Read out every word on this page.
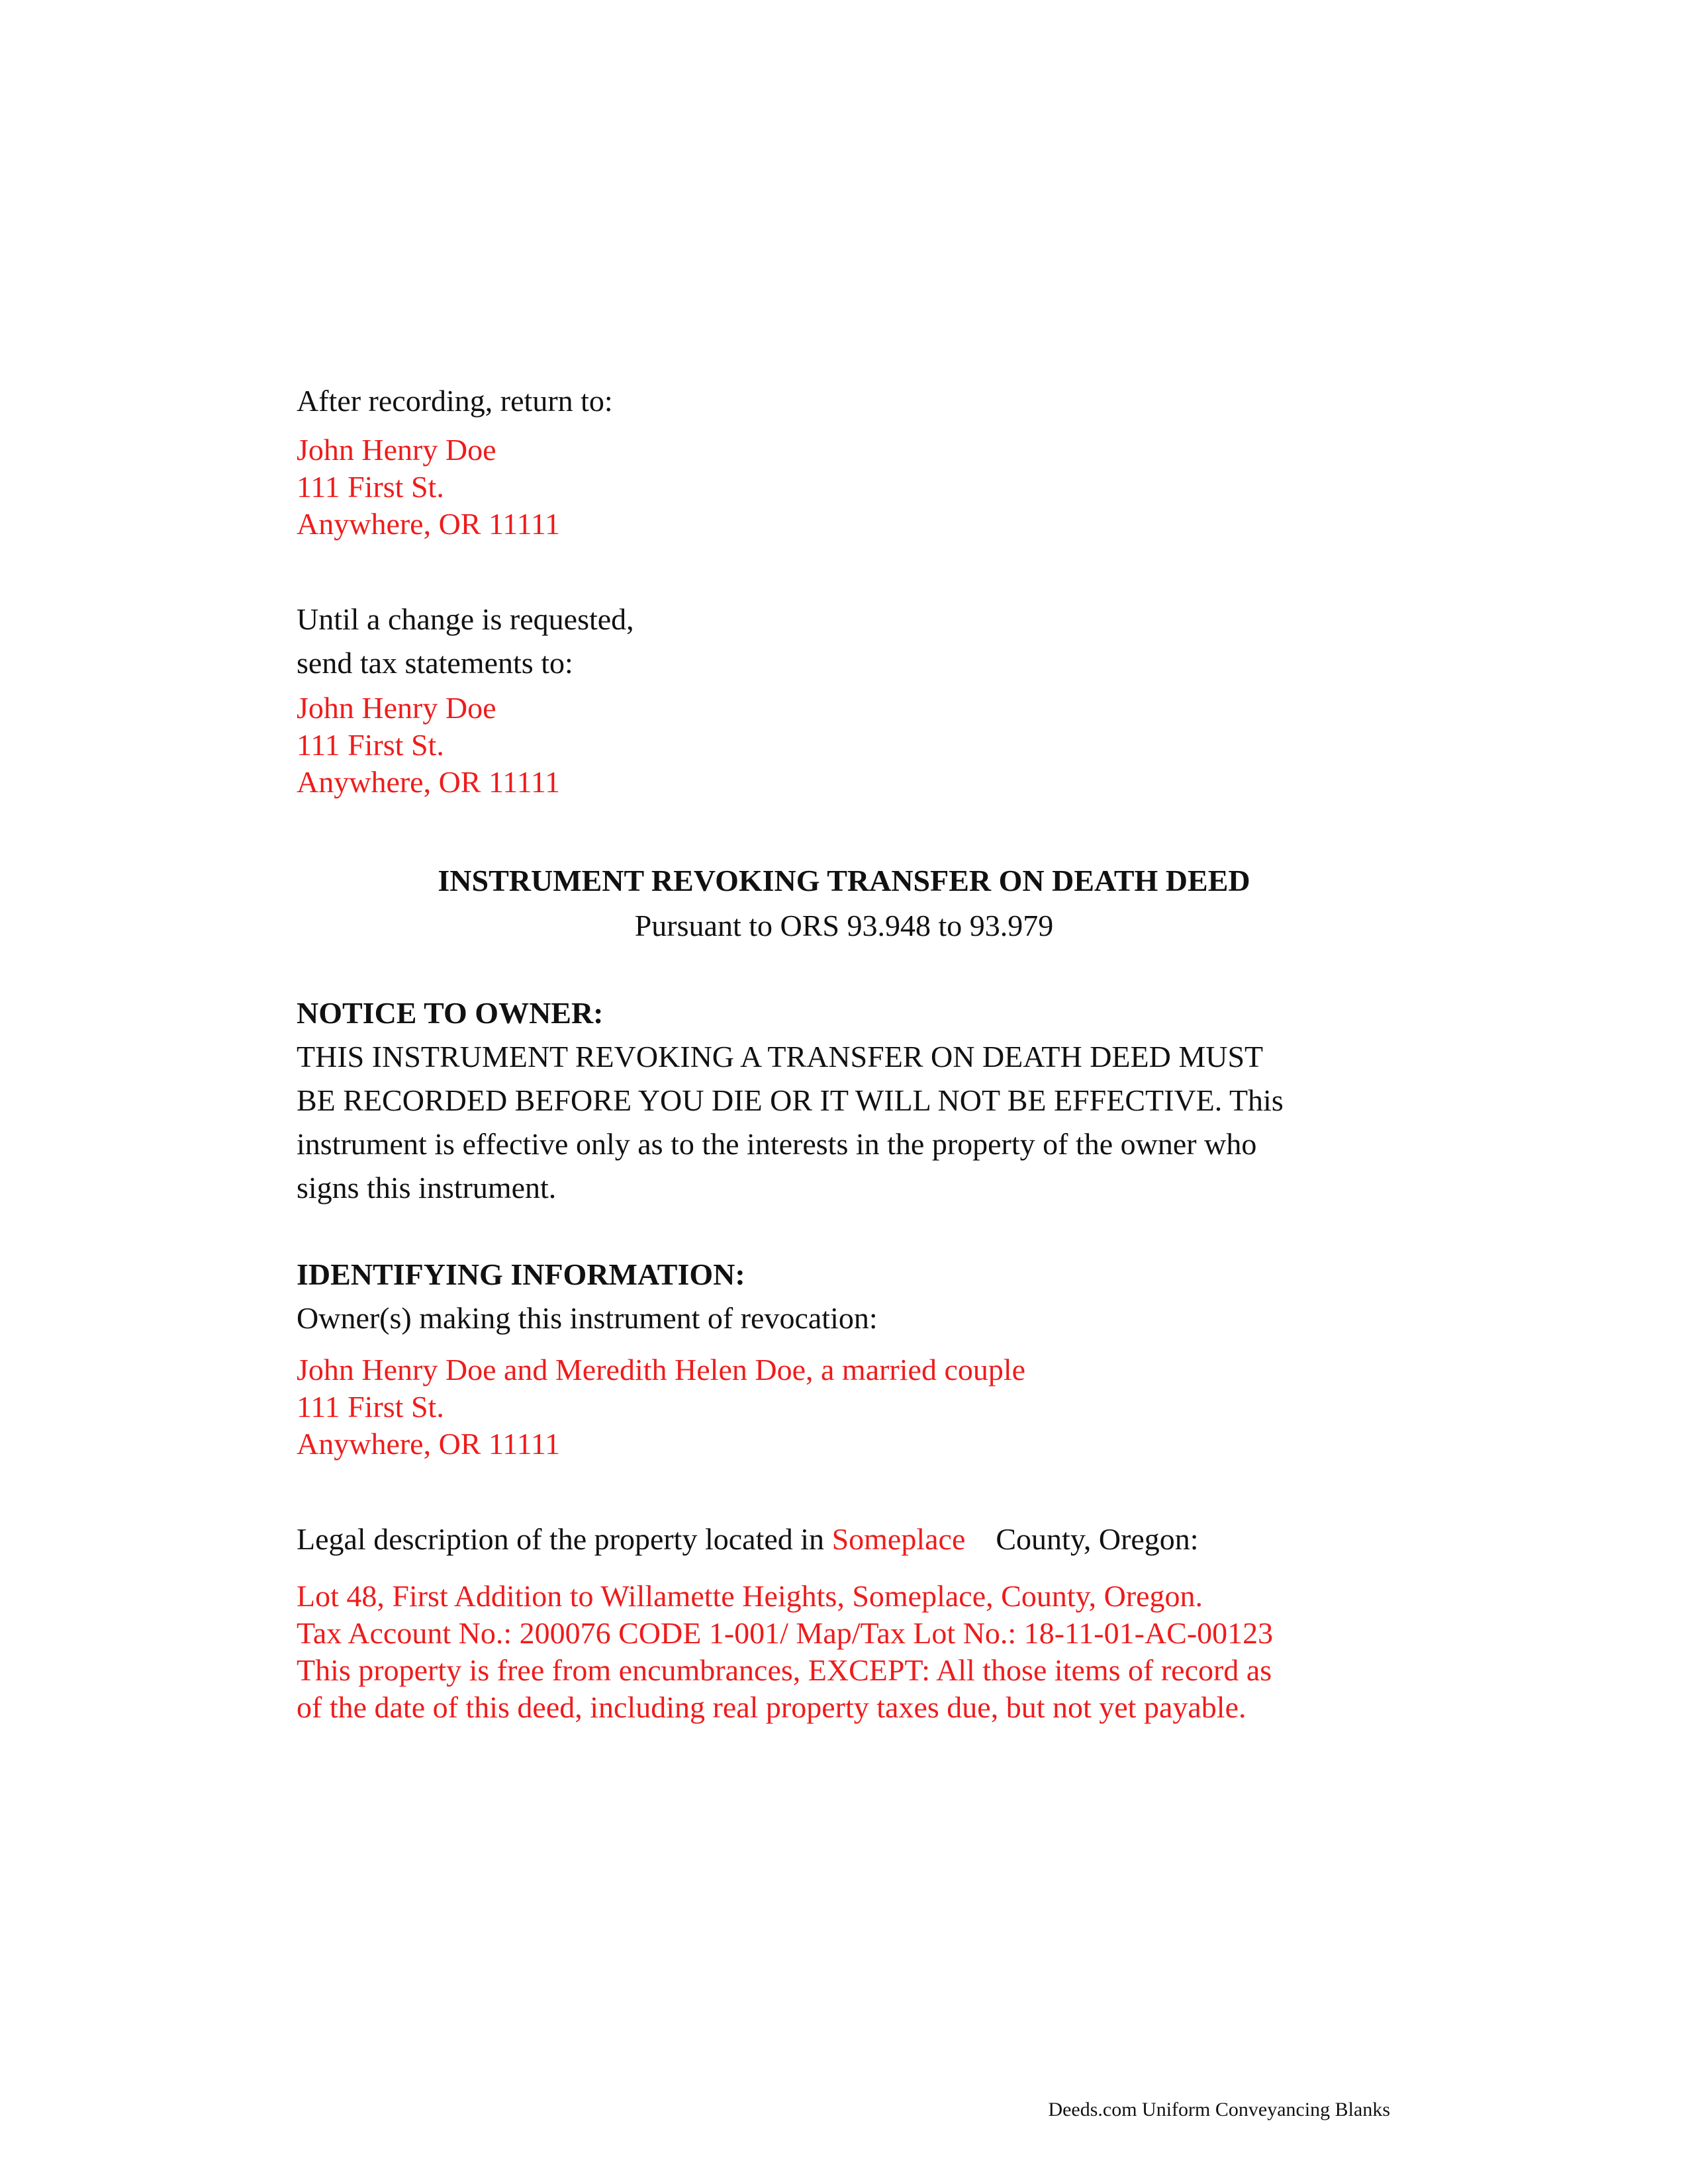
After recording, return to:
John Henry Doe
111 First St.
Anywhere, OR 11111
Until a change is requested,
send tax statements to:
John Henry Doe
111 First St.
Anywhere, OR 11111
INSTRUMENT REVOKING TRANSFER ON DEATH DEED
Pursuant to ORS 93.948 to 93.979
NOTICE TO OWNER:
THIS INSTRUMENT REVOKING A TRANSFER ON DEATH DEED MUST
BE RECORDED BEFORE YOU DIE OR IT WILL NOT BE EFFECTIVE. This
instrument is effective only as to the interests in the property of the owner who
signs this instrument.
IDENTIFYING INFORMATION:
Owner(s) making this instrument of revocation:
John Henry Doe and Meredith Helen Doe, a married couple
111 First St.
Anywhere, OR 11111
Legal description of the property located in Someplace County, Oregon:
Lot 48, First Addition to Willamette Heights, Someplace, County, Oregon.
Tax Account No.: 200076 CODE 1-001/ Map/Tax Lot No.: 18-11-01-AC-00123
This property is free from encumbrances, EXCEPT: All those items of record as
of the date of this deed, including real property taxes due, but not yet payable.
Deeds.com Uniform Conveyancing Blanks
